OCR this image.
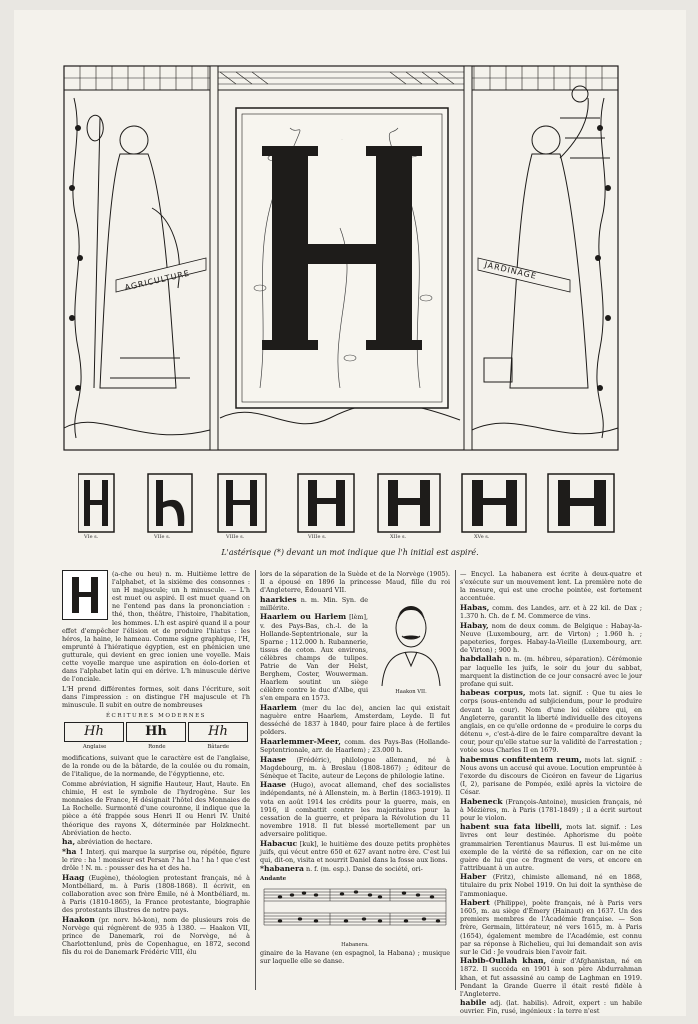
H
AGRICULTURE	JARDINAGE
VIe s.	VIIe s.	VIIIe s.	VIIIe s.	XIIe s.	XVe s.
L'astérisque (*) devant un mot indique que l'h initial est aspiré.

(a-che ou heu) n. m. Huitième lettre de l'alphabet, et la sixième des consonnes : un H majuscule; un h minuscule. — L'h est muet ou aspiré. Il est muet quand on ne l'entend pas dans la prononciation : thé, thon, théâtre, l'histoire, l'habitation, les hommes. L'h est aspiré quand il a pour effet d'empêcher l'élision et de produire l'hiatus : les héros, la haine, le hameau. Comme signe graphique, l'H, emprunté à l'hiératique égyptien, est en phénicien une gutturale, qui devient en grec ionien une voyelle. Mais cette voyelle marque une aspiration en éolo-dorien et dans l'alphabet latin qui en dérive. L'h minuscule dérive de l'onciale.

L'H prend différentes formes, soit dans l'écriture, soit dans l'impression : on distingue l'H majuscule et l'h minuscule. Il subit en outre de nombreuses

ÉCRITURES MODERNES
Hh	Hh	Hh
Anglaise	Ronde	Bâtarde

modifications, suivant que le caractère est de l'anglaise, de la ronde ou de la bâtarde, de la coulée ou du romain, de l'italique, de la normande, de l'égyptienne, etc.

Comme abréviation, H signifie Hauteur, Haut, Haute. En chimie, H est le symbole de l'hydrogène. Sur les monnaies de France, H désignait l'hôtel des Monnaies de La Rochelle. Surmonté d'une couronne, il indique que la pièce a été frappée sous Henri II ou Henri IV. Unité théorique des rayons X, déterminée par Holzknecht. Abréviation de hecto.

ha, abréviation de hectare.

*ha ! Interj. qui marque la surprise ou, répétée, figure le rire : ha ! monsieur est Persan ? ha ! ha ! ha ! que c'est drôle ! N. m. : pousser des ha et des ha.

Haag (Eugène), théologien protestant français, né à Montbéliard, m. à Paris (1808-1868). Il écrivit, en collaboration avec son frère Émile, né à Montbéliard, m. à Paris (1810-1865), la France protestante, biographie des protestants illustres de notre pays.

Haakon (pr. norv. hô-kon), nom de plusieurs rois de Norvège qui régnèrent de 935 à 1380. — Haakon VII, prince de Danemark, roi de Norvège, né à Charlottenlund, près de Copenhague, en 1872, second fils du roi de Danemark Frédéric VIII, élu

lors de la séparation de la Suède et de la Norvège (1905). Il a épousé en 1896 la princesse Maud, fille du roi d'Angleterre, Édouard VII.

Haakon VII.

haarkies n. m. Min. Syn. de millérite.

Haarlem ou Harlem [lèm], v. des Pays-Bas, ch.-l. de la Hollande-Septentrionale, sur la Sparne ; 112.000 h. Rubannerie, tissus de coton. Aux environs, célèbres champs de tulipes. Patrie de Van der Helst, Berghem, Coster, Wouwerman. Haarlem soutint un siège célèbre contre le duc d'Albe, qui s'en empara en 1573.

Haarlem (mer du lac de), ancien lac qui existait naguère entre Haarlem, Amsterdam, Leyde. Il fut desséché de 1837 à 1840, pour faire place à de fertiles polders.

Haarlemmer-Meer, comm. des Pays-Bas (Hollande-Septentrionale, arr. de Haarlem) ; 23.000 h.

Haase (Frédéric), philologue allemand, né à Magdebourg, m. à Breslau (1808-1867) ; éditeur de Sénèque et Tacite, auteur de Leçons de philologie latine.

Haase (Hugo), avocat allemand, chef des socialistes indépendants, né à Allenstein, m. à Berlin (1863-1919). Il vota en août 1914 les crédits pour la guerre, mais, en 1916, il combattit contre les majoritaires pour la cessation de la guerre, et prépara la Révolution du 11 novembre 1918. Il fut blessé mortellement par un adversaire politique.

Habacuc [kuk], le huitième des douze petits prophètes juifs, qui vécut entre 650 et 627 avant notre ère. C'est lui qui, dit-on, visita et nourrit Daniel dans la fosse aux lions.

*habanera n. f. (m. esp.). Danse de société, ori-

Andante
Habanera.

ginaire de la Havane (en espagnol, la Habana) ; musique sur laquelle elle se danse.

— Encycl. La habanera est écrite à deux-quatre et s'exécute sur un mouvement lent. La première note de la mesure, qui est une croche pointée, est fortement accentuée.

Habas, comm. des Landes, arr. et à 22 kil. de Dax ; 1.370 h. Ch. de f. M. Commerce de vins.

Habay, nom de deux comm. de Belgique : Habay-la-Neuve (Luxembourg, arr. de Virton) ; 1.960 h. ; papeteries, forges. Habay-la-Vieille (Luxembourg, arr. de Virton) ; 900 h.

habdallah n. m. (m. hébreu, séparation). Cérémonie par laquelle les juifs, le soir du jour du sabbat, marquent la distinction de ce jour consacré avec le jour profane qui suit.

habeas corpus, mots lat. signif. : Que tu aies le corps (sous-entendu ad subjiciendum, pour le produire devant la cour). Nom d'une loi célèbre qui, en Angleterre, garantit la liberté individuelle des citoyens anglais, en ce qu'elle ordonne de « produire le corps du détenu », c'est-à-dire de le faire comparaître devant la cour, pour qu'elle statue sur la validité de l'arrestation ; votée sous Charles II en 1679.

habemus confitentem reum, mots lat. signif. : Nous avons un accusé qui avoue. Locution empruntée à l'exorde du discours de Cicéron en faveur de Ligarius (I, 2), parisane de Pompée, exilé après la victoire de César.

Habeneck (François-Antoine), musicien français, né à Mézières, m. à Paris (1781-1849) ; il a écrit surtout pour le violon.

habent sua fata libelli, mots lat. signif. : Les livres ont leur destinée. Aphorisme du poète grammairien Terentianus Maurus. Il est lui-même un exemple de la vérité de sa réflexion, car on ne cite guère de lui que ce fragment de vers, et encore en l'attribuant à un autre.

Haber (Fritz), chimiste allemand, né en 1868, titulaire du prix Nobel 1919. On lui doit la synthèse de l'ammoniaque.

Habert (Philippe), poète français, né à Paris vers 1605, m. au siège d'Émery (Hainaut) en 1637. Un des premiers membres de l'Académie française. — Son frère, Germain, littérateur, né vers 1615, m. à Paris (1654), également membre de l'Académie, est connu par sa réponse à Richelieu, qui lui demandait son avis sur le Cid : Je voudrais bien l'avoir fait.

Habib-Oullah khan, émir d'Afghanistan, né en 1872. Il succéda en 1901 à son père Abdurrahman khan, et fut assassiné au camp de Laghman en 1919. Pendant la Grande Guerre il était resté fidèle à l'Angleterre.

habile adj. (lat. habilis). Adroit, expert : un habile ouvrier. Fin, rusé, ingénieux : la terre n'est
